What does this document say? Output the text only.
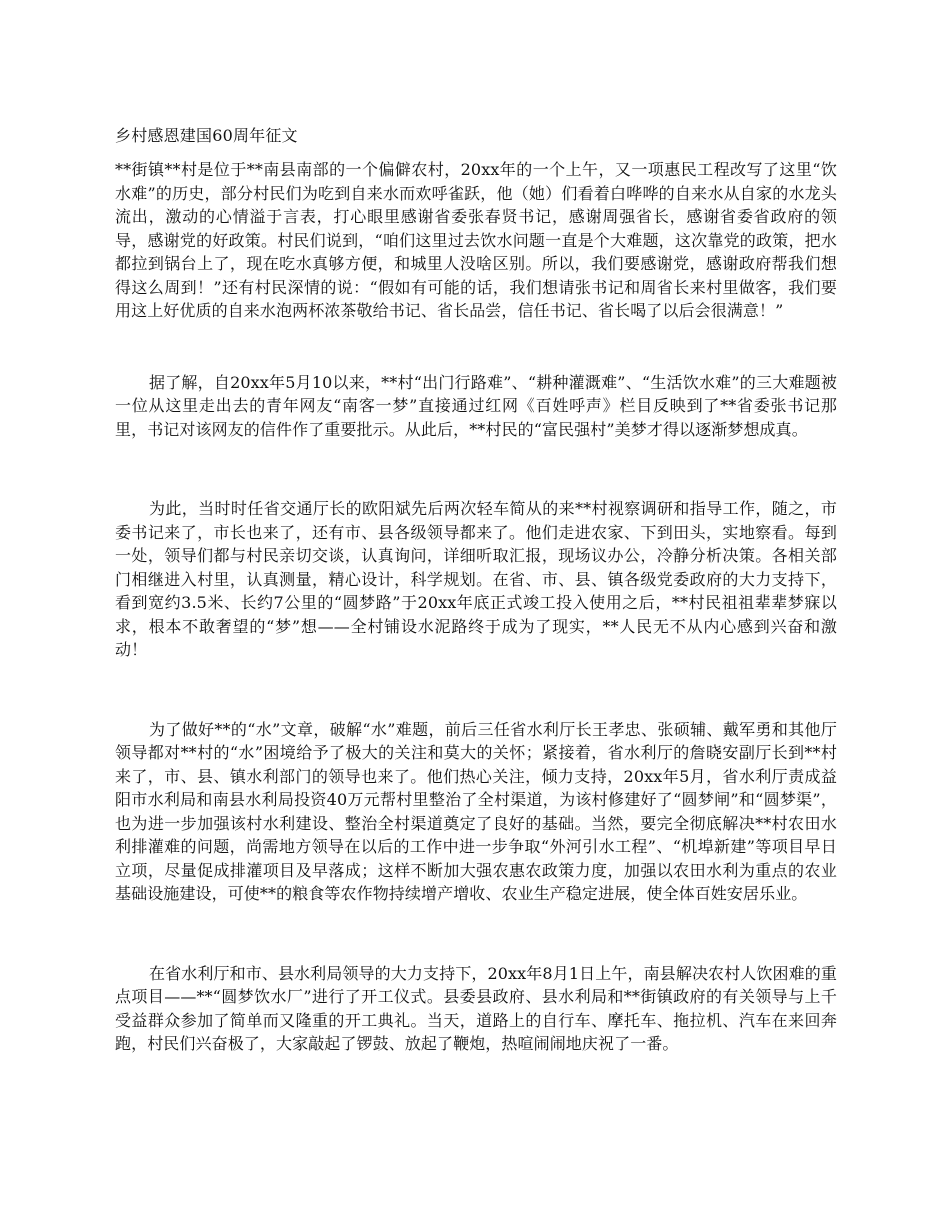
乡村感恩建国60周年征文

**街镇**村是位于**南县南部的一个偏僻农村，20xx年的一个上午，又一项惠民工程改写了这里“饮水难”的历史，部分村民们为吃到自来水而欢呼雀跃，他（她）们看着白哗哗的自来水从自家的水龙头流出，激动的心情溢于言表，打心眼里感谢省委张春贤书记，感谢周强省长，感谢省委省政府的领导，感谢党的好政策。村民们说到，“咱们这里过去饮水问题一直是个大难题，这次靠党的政策，把水都拉到锅台上了，现在吃水真够方便，和城里人没啥区别。所以，我们要感谢党，感谢政府帮我们想得这么周到！”还有村民深情的说：“假如有可能的话，我们想请张书记和周省长来村里做客，我们要用这上好优质的自来水泡两杯浓茶敬给书记、省长品尝，信任书记、省长喝了以后会很满意！”

据了解，自20xx年5月10以来，**村“出门行路难”、“耕种灌溉难”、“生活饮水难”的三大难题被一位从这里走出去的青年网友“南客一梦”直接通过红网《百姓呼声》栏目反映到了**省委张书记那里，书记对该网友的信件作了重要批示。从此后，**村民的“富民强村”美梦才得以逐渐梦想成真。

为此，当时时任省交通厅长的欧阳斌先后两次轻车简从的来**村视察调研和指导工作，随之，市委书记来了，市长也来了，还有市、县各级领导都来了。他们走进农家、下到田头，实地察看。每到一处，领导们都与村民亲切交谈，认真询问，详细听取汇报，现场议办公，冷静分析决策。各相关部门相继进入村里，认真测量，精心设计，科学规划。在省、市、县、镇各级党委政府的大力支持下，看到宽约3.5米、长约7公里的“圆梦路”于20xx年底正式竣工投入使用之后，**村民祖祖辈辈梦寐以求，根本不敢奢望的“梦”想——全村铺设水泥路终于成为了现实，**人民无不从内心感到兴奋和激动！

为了做好**的“水”文章，破解“水”难题，前后三任省水利厅长王孝忠、张硕辅、戴军勇和其他厅领导都对**村的“水”困境给予了极大的关注和莫大的关怀；紧接着，省水利厅的詹晓安副厅长到**村来了，市、县、镇水利部门的领导也来了。他们热心关注，倾力支持，20xx年5月，省水利厅责成益阳市水利局和南县水利局投资40万元帮村里整治了全村渠道，为该村修建好了“圆梦闸”和“圆梦渠”，也为进一步加强该村水利建设、整治全村渠道奠定了良好的基础。当然，要完全彻底解决**村农田水利排灌难的问题，尚需地方领导在以后的工作中进一步争取“外河引水工程”、“机埠新建”等项目早日立项，尽量促成排灌项目及早落成；这样不断加大强农惠农政策力度，加强以农田水利为重点的农业基础设施建设，可使**的粮食等农作物持续增产增收、农业生产稳定进展，使全体百姓安居乐业。

在省水利厅和市、县水利局领导的大力支持下，20xx年8月1日上午，南县解决农村人饮困难的重点项目——**“圆梦饮水厂”进行了开工仪式。县委县政府、县水利局和**街镇政府的有关领导与上千受益群众参加了简单而又隆重的开工典礼。当天，道路上的自行车、摩托车、拖拉机、汽车在来回奔跑，村民们兴奋极了，大家敲起了锣鼓、放起了鞭炮，热喧闹闹地庆祝了一番。
